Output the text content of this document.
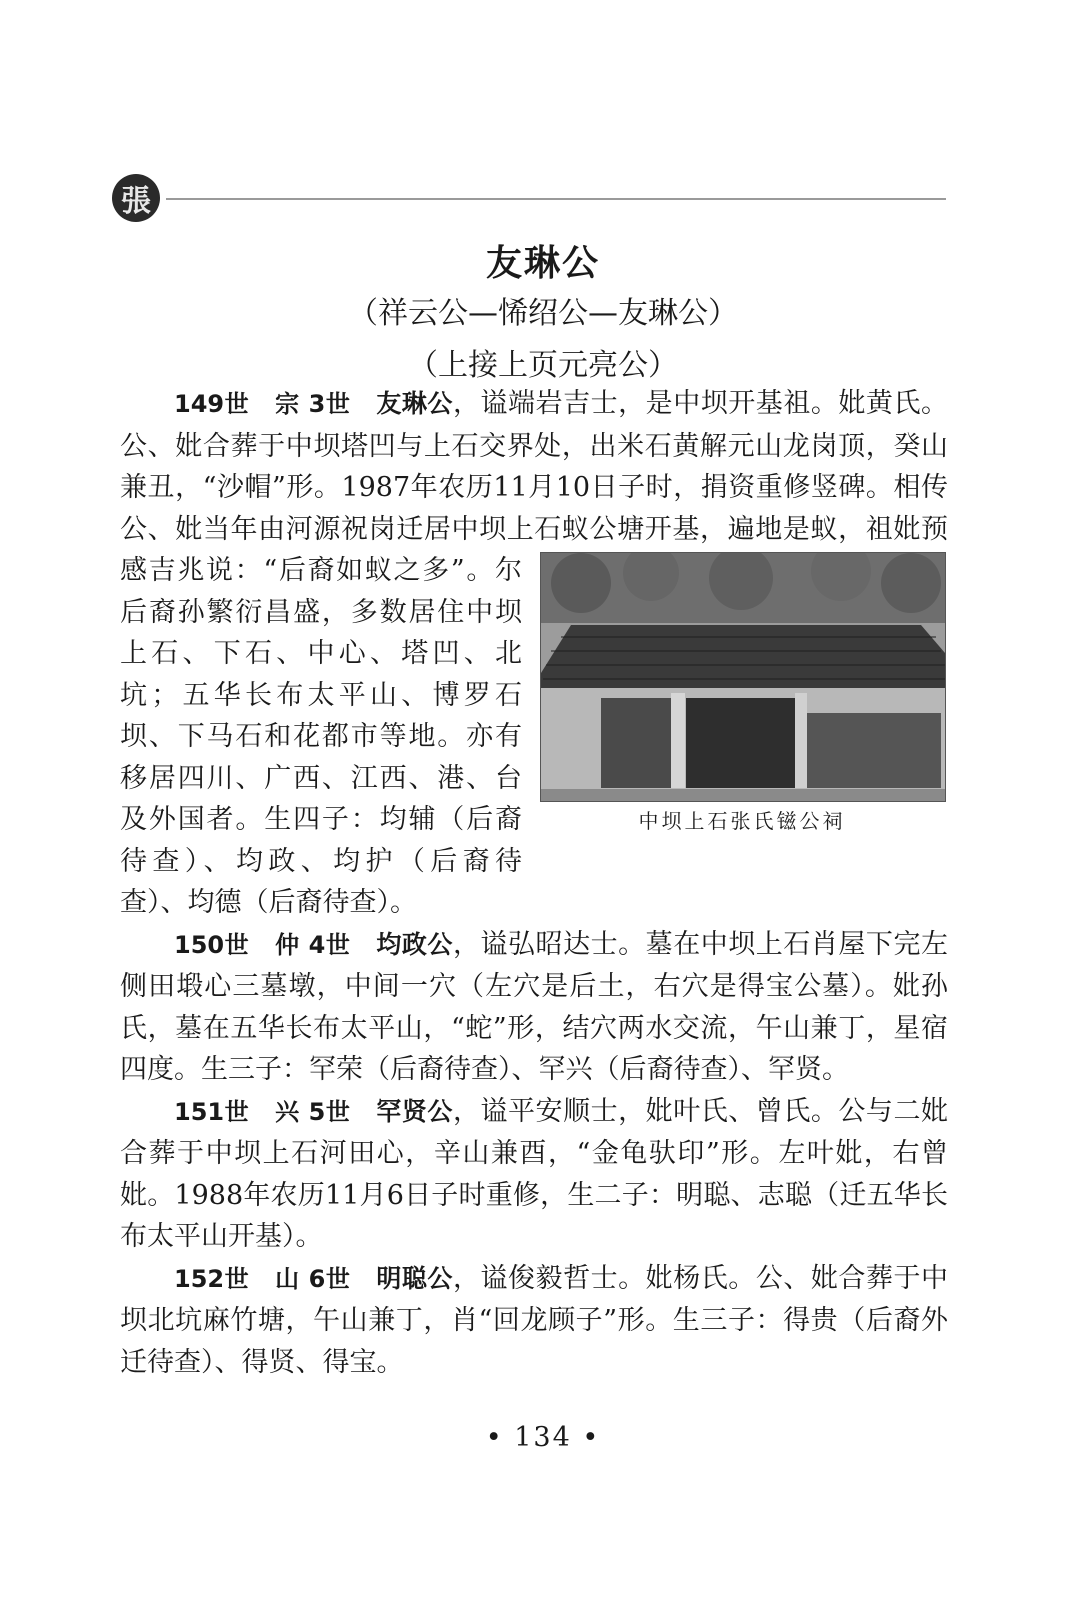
張
友琳公
（祥云公—悕绍公—友琳公）
（上接上页元亮公）

149世 宗 3世 友琳公，谥端岩吉士，是中坝开基祖。妣黄氏。公、妣合葬于中坝塔凹与上石交界处，出米石黄解元山龙岗顶，癸山兼丑，“沙帽”形。1987年农历11月10日子时，捐资重修竖碑。相传公、妣当年由河源祝岗迁居中坝上石蚁公塘开基，遍地
中坝上石张氏镃公祠
是蚁，祖妣预感吉兆说：“后裔如蚁之多”。尔后裔孙繁衍昌盛，多数居住中坝上石、下石、中心、塔凹、北坑；五华长布太平山、博罗石坝、下马石和花都市等地。亦有移居四川、广西、江西、港、台及外国者。生四子：均辅（后裔待查）、均政、均护（后裔待查）、均德（后裔待查）。

150世 仲 4世 均政公，谥弘昭达士。墓在中坝上石肖屋下完左侧田塅心三墓墩，中间一穴（左穴是后土，右穴是得宝公墓）。妣孙氏，墓在五华长布太平山，“蛇”形，结穴两水交流，午山兼丁，星宿四度。生三子：罕荣（后裔待查）、罕兴（后裔待查）、罕贤。

151世 兴 5世 罕贤公，谥平安顺士，妣叶氏、曾氏。公与二妣合葬于中坝上石河田心，辛山兼酉，“金龟驮印”形。左叶妣，右曾妣。1988年农历11月6日子时重修，生二子：明聪、志聪（迁五华长布太平山开基）。

152世 山 6世 明聪公，谥俊毅哲士。妣杨氏。公、妣合葬于中坝北坑麻竹塘，午山兼丁，肖“回龙顾子”形。生三子：得贵（后裔外迁待查）、得贤、得宝。

• 134 •
